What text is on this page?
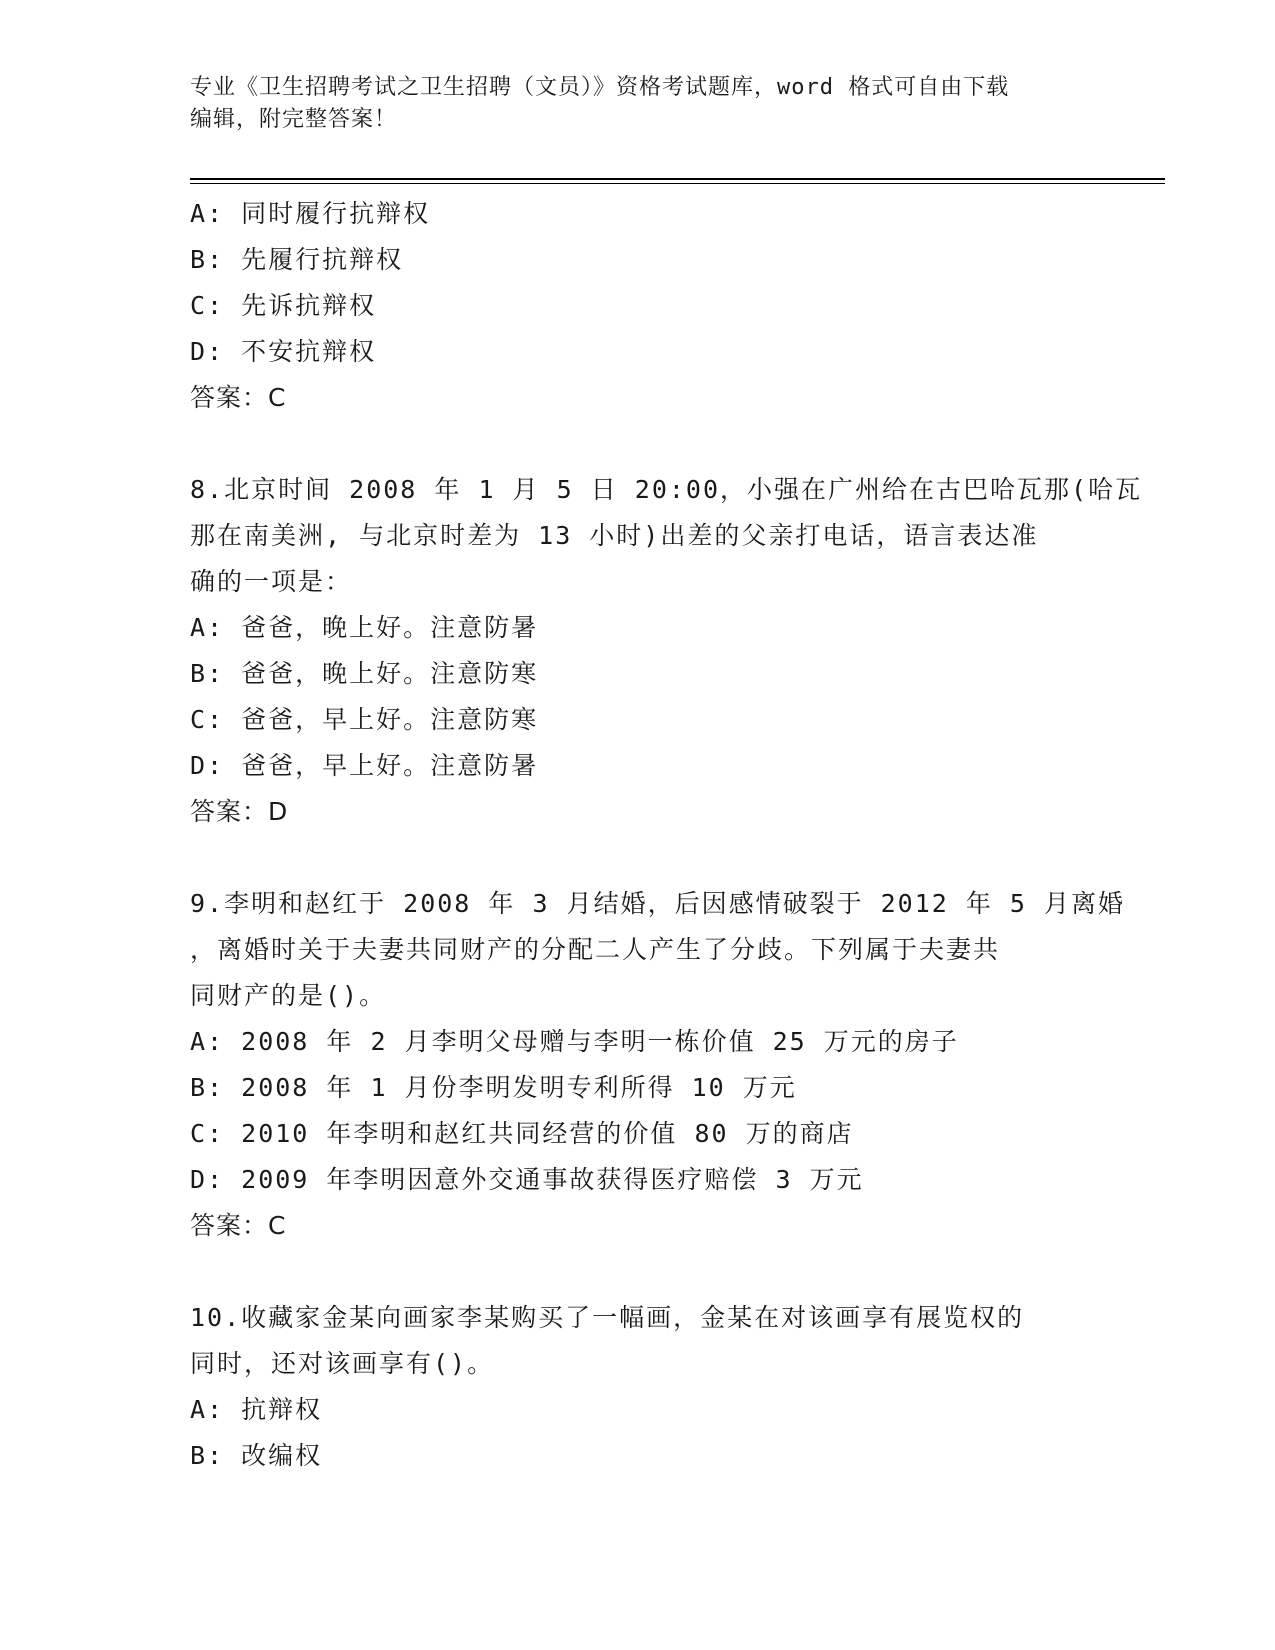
专业《卫生招聘考试之卫生招聘（文员）》资格考试题库，word 格式可自由下载
编辑，附完整答案！
A: 同时履行抗辩权
B: 先履行抗辩权
C: 先诉抗辩权
D: 不安抗辩权
答案：C
8.北京时间 2008 年 1 月 5 日 20:00，小强在广州给在古巴哈瓦那(哈瓦
那在南美洲, 与北京时差为 13 小时)出差的父亲打电话，语言表达准
确的一项是：
A: 爸爸，晚上好。注意防暑
B: 爸爸，晚上好。注意防寒
C: 爸爸，早上好。注意防寒
D: 爸爸，早上好。注意防暑
答案：D
9.李明和赵红于 2008 年 3 月结婚，后因感情破裂于 2012 年 5 月离婚
，离婚时关于夫妻共同财产的分配二人产生了分歧。下列属于夫妻共
同财产的是()。
A: 2008 年 2 月李明父母赠与李明一栋价值 25 万元的房子
B: 2008 年 1 月份李明发明专利所得 10 万元
C: 2010 年李明和赵红共同经营的价值 80 万的商店
D: 2009 年李明因意外交通事故获得医疗赔偿 3 万元
答案：C
10.收藏家金某向画家李某购买了一幅画，金某在对该画享有展览权的
同时，还对该画享有()。
A: 抗辩权
B: 改编权
